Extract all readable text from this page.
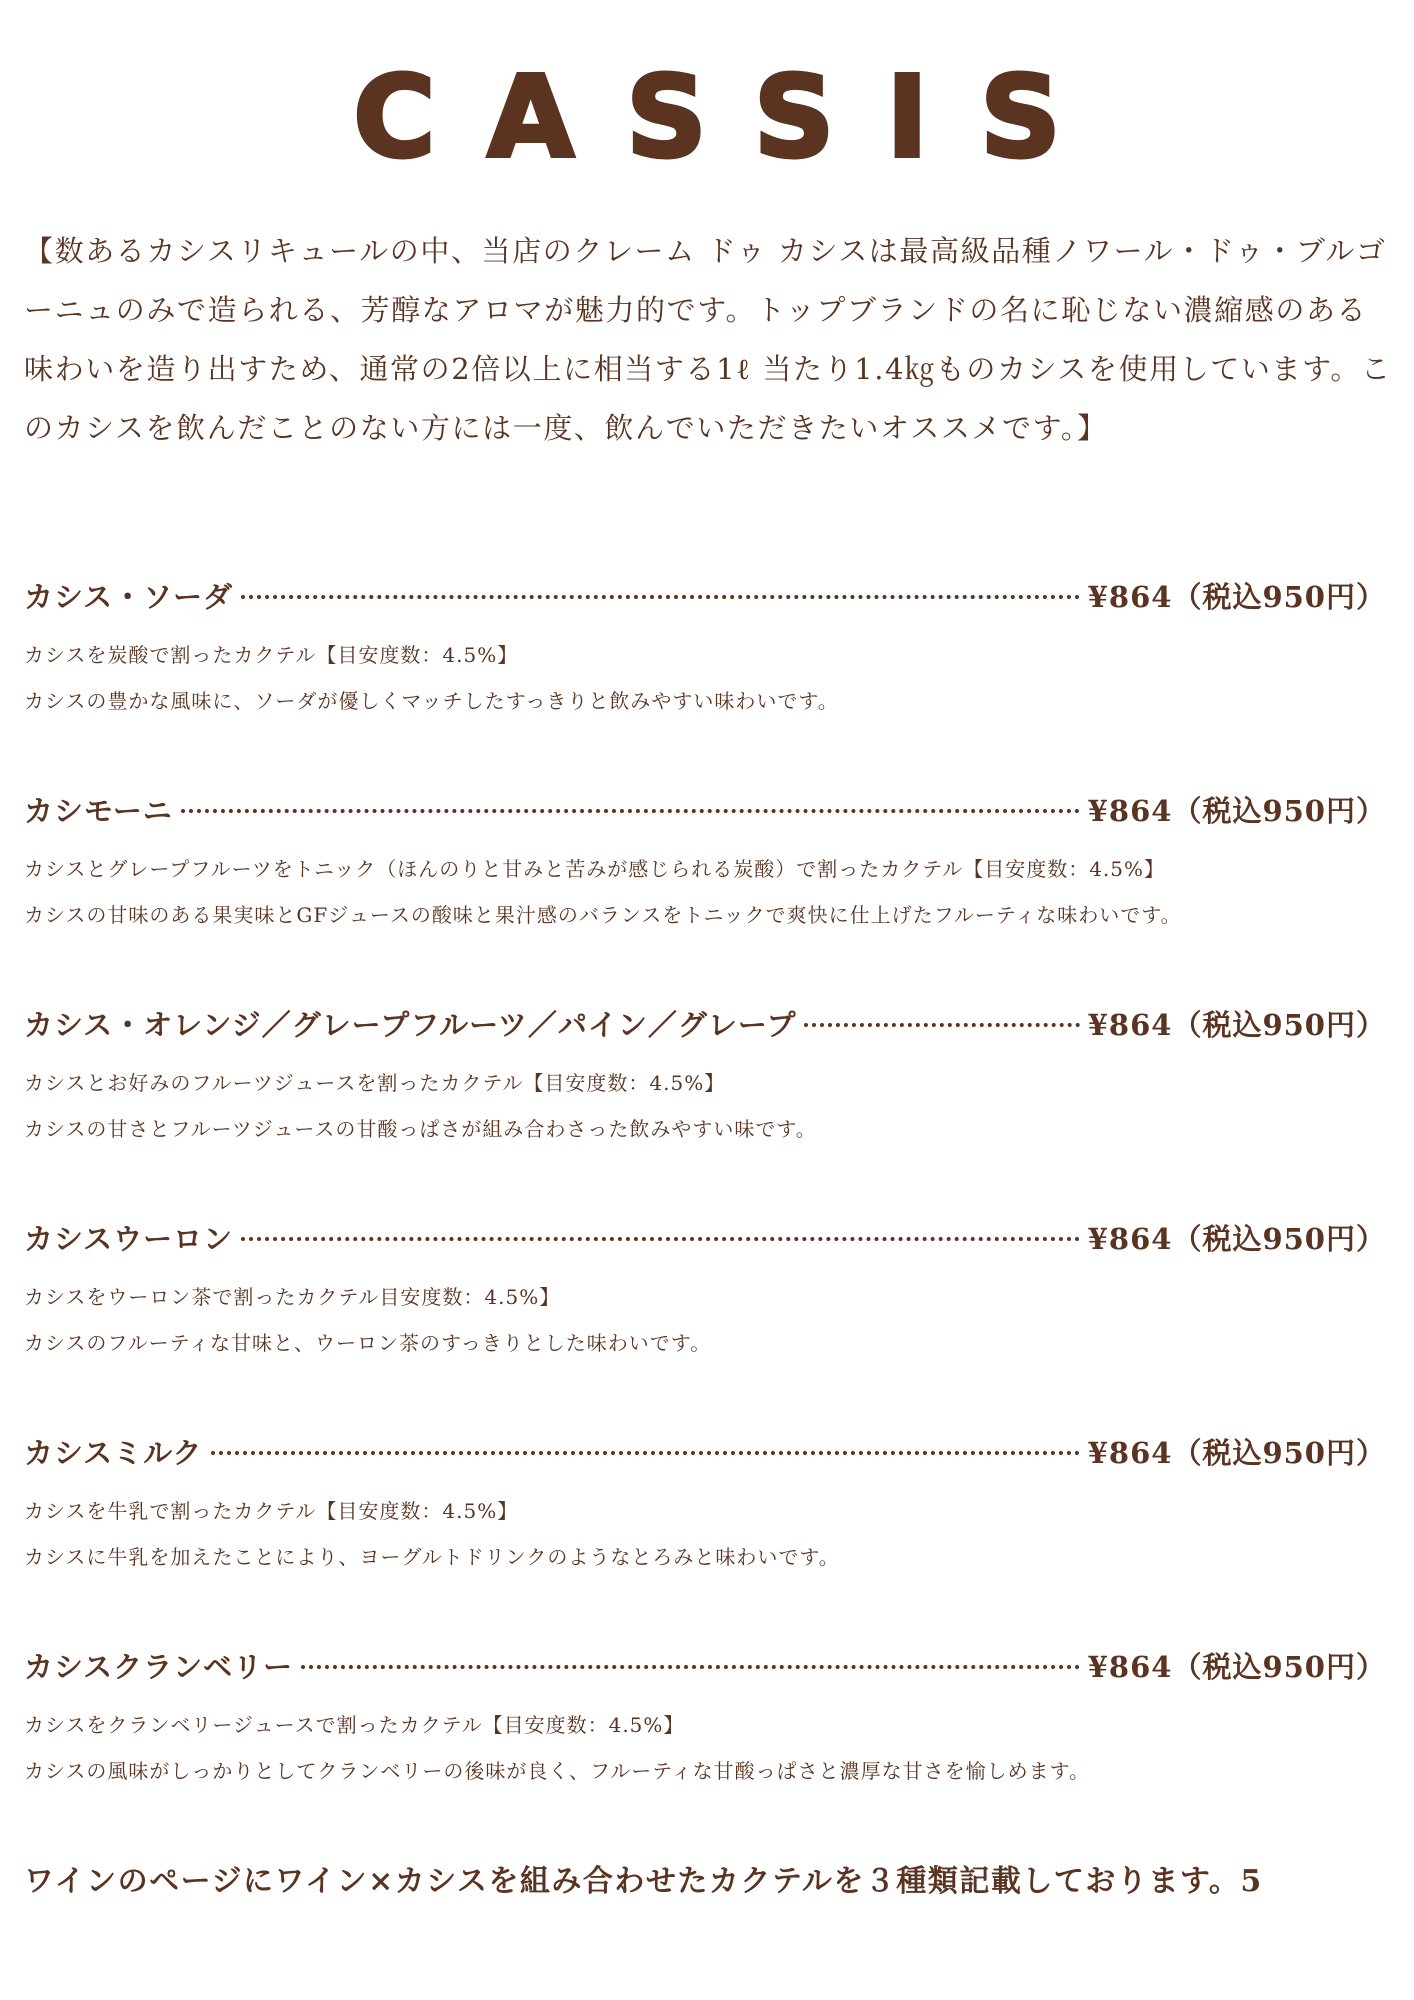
CASSIS
【数あるカシスリキュールの中、当店のクレーム ドゥ カシスは最高級品種ノワール・ドゥ・ブルゴーニュのみで造られる、芳醇なアロマが魅力的です。トップブランドの名に恥じない濃縮感のある味わいを造り出すため、通常の2倍以上に相当する1ℓ 当たり1.4㎏ものカシスを使用しています。このカシスを飲んだことのない方には一度、飲んでいただきたいオススメです。】
カシス・ソーダ	¥864（税込950円）
カシスを炭酸で割ったカクテル【目安度数：4.5%】
カシスの豊かな風味に、ソーダが優しくマッチしたすっきりと飲みやすい味わいです。
カシモーニ	¥864（税込950円）
カシスとグレープフルーツをトニック（ほんのりと甘みと苦みが感じられる炭酸）で割ったカクテル【目安度数：4.5%】
カシスの甘味のある果実味とGFジュースの酸味と果汁感のバランスをトニックで爽快に仕上げたフルーティな味わいです。
カシス・オレンジ／グレープフルーツ／パイン／グレープ	¥864（税込950円）
カシスとお好みのフルーツジュースを割ったカクテル【目安度数：4.5%】
カシスの甘さとフルーツジュースの甘酸っぱさが組み合わさった飲みやすい味です。
カシスウーロン	¥864（税込950円）
カシスをウーロン茶で割ったカクテル目安度数：4.5%】
カシスのフルーティな甘味と、ウーロン茶のすっきりとした味わいです。
カシスミルク	¥864（税込950円）
カシスを牛乳で割ったカクテル【目安度数：4.5%】
カシスに牛乳を加えたことにより、ヨーグルトドリンクのようなとろみと味わいです。
カシスクランベリー	¥864（税込950円）
カシスをクランベリージュースで割ったカクテル【目安度数：4.5%】
カシスの風味がしっかりとしてクランベリーの後味が良く、フルーティな甘酸っぱさと濃厚な甘さを愉しめます。
ワインのページにワイン×カシスを組み合わせたカクテルを３種類記載しております。5
